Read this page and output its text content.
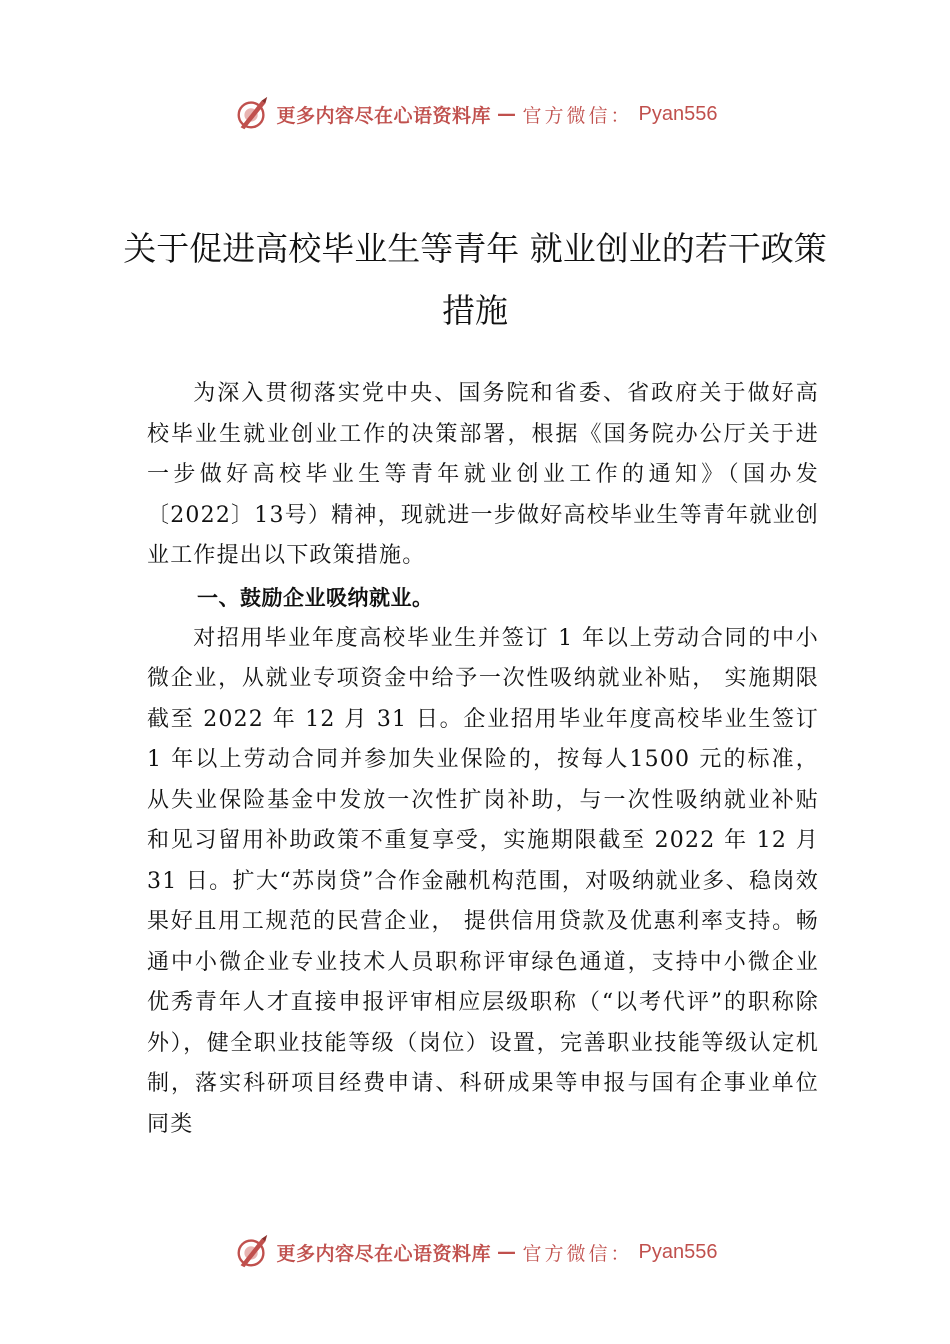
更多内容尽在心语资料库 — 官方微信： Pyan556
关于促进高校毕业生等青年 就业创业的若干政策措施

为深入贯彻落实党中央、国务院和省委、省政府关于做好高校毕业生就业创业工作的决策部署，根据《国务院办公厅关于进一步做好高校毕业生等青年就业创业工作的通知》（国办发〔2022〕13号）精神，现就进一步做好高校毕业生等青年就业创业工作提出以下政策措施。

一、鼓励企业吸纳就业。

对招用毕业年度高校毕业生并签订 1 年以上劳动合同的中小微企业，从就业专项资金中给予一次性吸纳就业补贴， 实施期限截至 2022 年 12 月 31 日。企业招用毕业年度高校毕业生签订 1 年以上劳动合同并参加失业保险的，按每人1500 元的标准，从失业保险基金中发放一次性扩岗补助，与一次性吸纳就业补贴和见习留用补助政策不重复享受，实施期限截至 2022 年 12 月 31 日。扩大“苏岗贷”合作金融机构范围，对吸纳就业多、稳岗效果好且用工规范的民营企业， 提供信用贷款及优惠利率支持。畅通中小微企业专业技术人员职称评审绿色通道，支持中小微企业优秀青年人才直接申报评审相应层级职称（“以考代评”的职称除外），健全职业技能等级（岗位）设置，完善职业技能等级认定机制，落实科研项目经费申请、科研成果等申报与国有企事业单位同类

更多内容尽在心语资料库 — 官方微信： Pyan556
